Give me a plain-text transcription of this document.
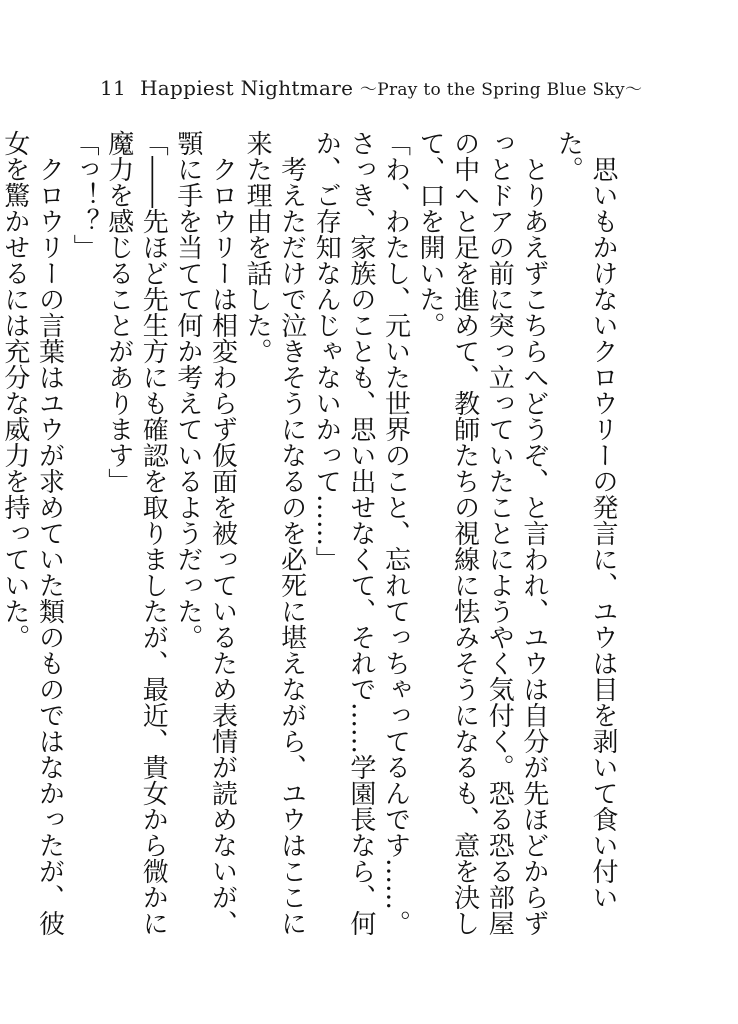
11 Happiest Nightmare ～Pray to the Spring Blue Sky～

思いもかけないクロウリーの発言に、ユウは目を剥いて食い付いた。

とりあえずこちらへどうぞ、と言われ、ユウは自分が先ほどからずっとドアの前に突っ立っていたことにようやく気付く。恐る恐る部屋の中へと足を進めて、教師たちの視線に怯みそうになるも、意を決して、口を開いた。

「わ、わたし、元いた世界のこと、忘れてっちゃってるんです……。さっき、家族のことも、思い出せなくて、それで……学園長なら、何か、ご存知なんじゃないかって……」

考えただけで泣きそうになるのを必死に堪えながら、ユウはここに来た理由を話した。

クロウリーは相変わらず仮面を被っているため表情が読めないが、顎に手を当てて何か考えているようだった。

「――先ほど先生方にも確認を取りましたが、最近、貴女から微かに魔力を感じることがあります」

「っ！？」

クロウリーの言葉はユウが求めていた類のものではなかったが、彼女を驚かせるには充分な威力を持っていた。
